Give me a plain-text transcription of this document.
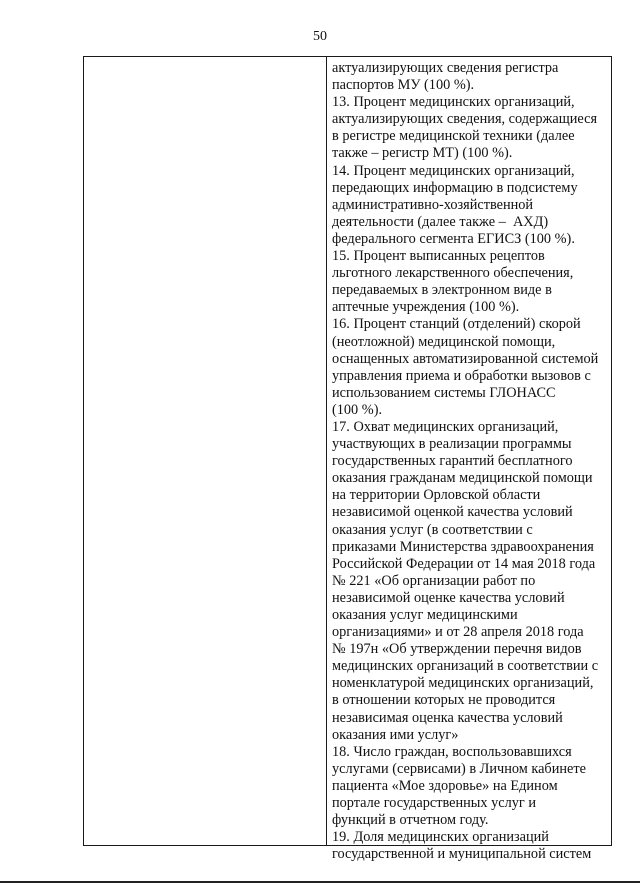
50

актуализирующих сведения регистра
паспортов МУ (100 %).

13. Процент медицинских организаций,
актуализирующих сведения, содержащиеся
в регистре медицинской техники (далее
также – регистр МТ) (100 %).

14. Процент медицинских организаций,
передающих информацию в подсистему
административно-хозяйственной
деятельности (далее также –  АХД)
федерального сегмента ЕГИСЗ (100 %).

15. Процент выписанных рецептов
льготного лекарственного обеспечения,
передаваемых в электронном виде в
аптечные учреждения (100 %).

16. Процент станций (отделений) скорой
(неотложной) медицинской помощи,
оснащенных автоматизированной системой
управления приема и обработки вызовов с
использованием системы ГЛОНАСС
(100 %).

17. Охват медицинских организаций,
участвующих в реализации программы
государственных гарантий бесплатного
оказания гражданам медицинской помощи
на территории Орловской области
независимой оценкой качества условий
оказания услуг (в соответствии с
приказами Министерства здравоохранения
Российской Федерации от 14 мая 2018 года
№ 221 «Об организации работ по
независимой оценке качества условий
оказания услуг медицинскими
организациями» и от 28 апреля 2018 года
№ 197н «Об утверждении перечня видов
медицинских организаций в соответствии с
номенклатурой медицинских организаций,
в отношении которых не проводится
независимая оценка качества условий
оказания ими услуг»

18. Число граждан, воспользовавшихся
услугами (сервисами) в Личном кабинете
пациента «Мое здоровье» на Едином
портале государственных услуг и
функций в отчетном году.

19. Доля медицинских организаций
государственной и муниципальной систем
